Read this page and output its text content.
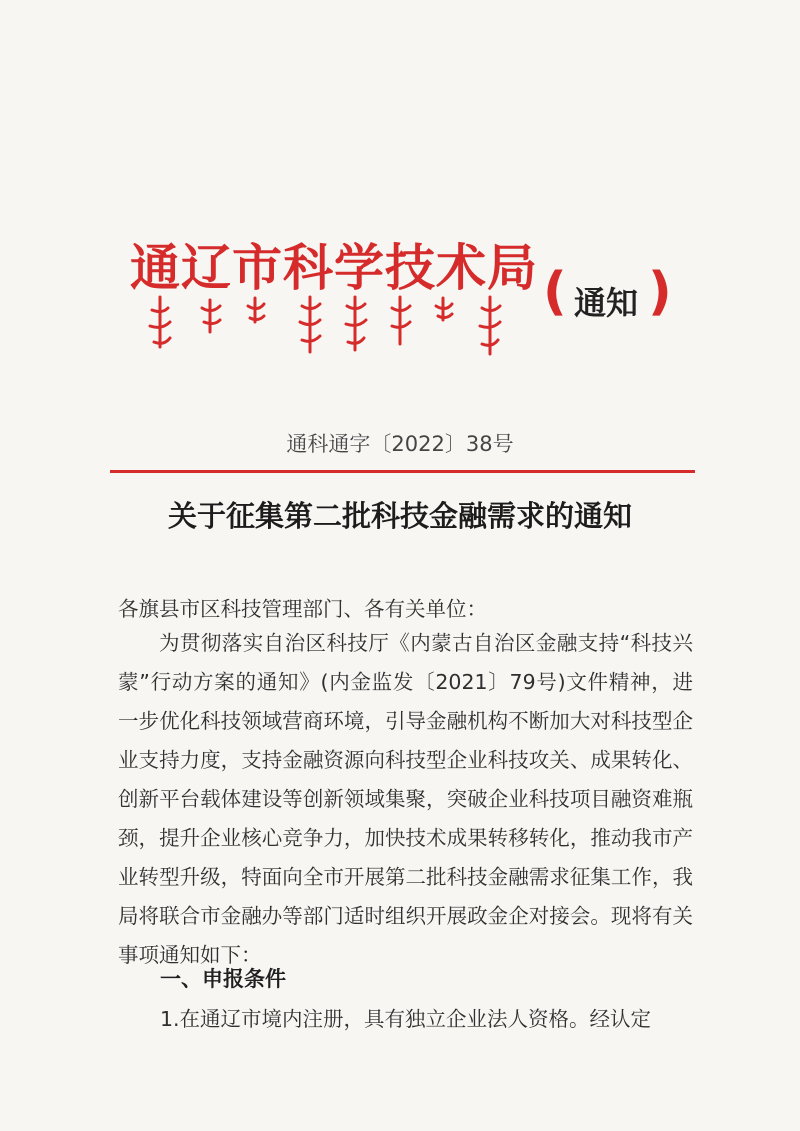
通辽市科学技术局 ( 通知 )
通科通字〔2022〕38号
关于征集第二批科技金融需求的通知
各旗县市区科技管理部门、各有关单位：
为贯彻落实自治区科技厅《内蒙古自治区金融支持“科技兴蒙”行动方案的通知》(内金监发〔2021〕79号)文件精神，进一步优化科技领域营商环境，引导金融机构不断加大对科技型企业支持力度，支持金融资源向科技型企业科技攻关、成果转化、创新平台载体建设等创新领域集聚，突破企业科技项目融资难瓶颈，提升企业核心竞争力，加快技术成果转移转化，推动我市产业转型升级，特面向全市开展第二批科技金融需求征集工作，我局将联合市金融办等部门适时组织开展政金企对接会。现将有关事项通知如下：
一、申报条件
1.在通辽市境内注册，具有独立企业法人资格。经认定
